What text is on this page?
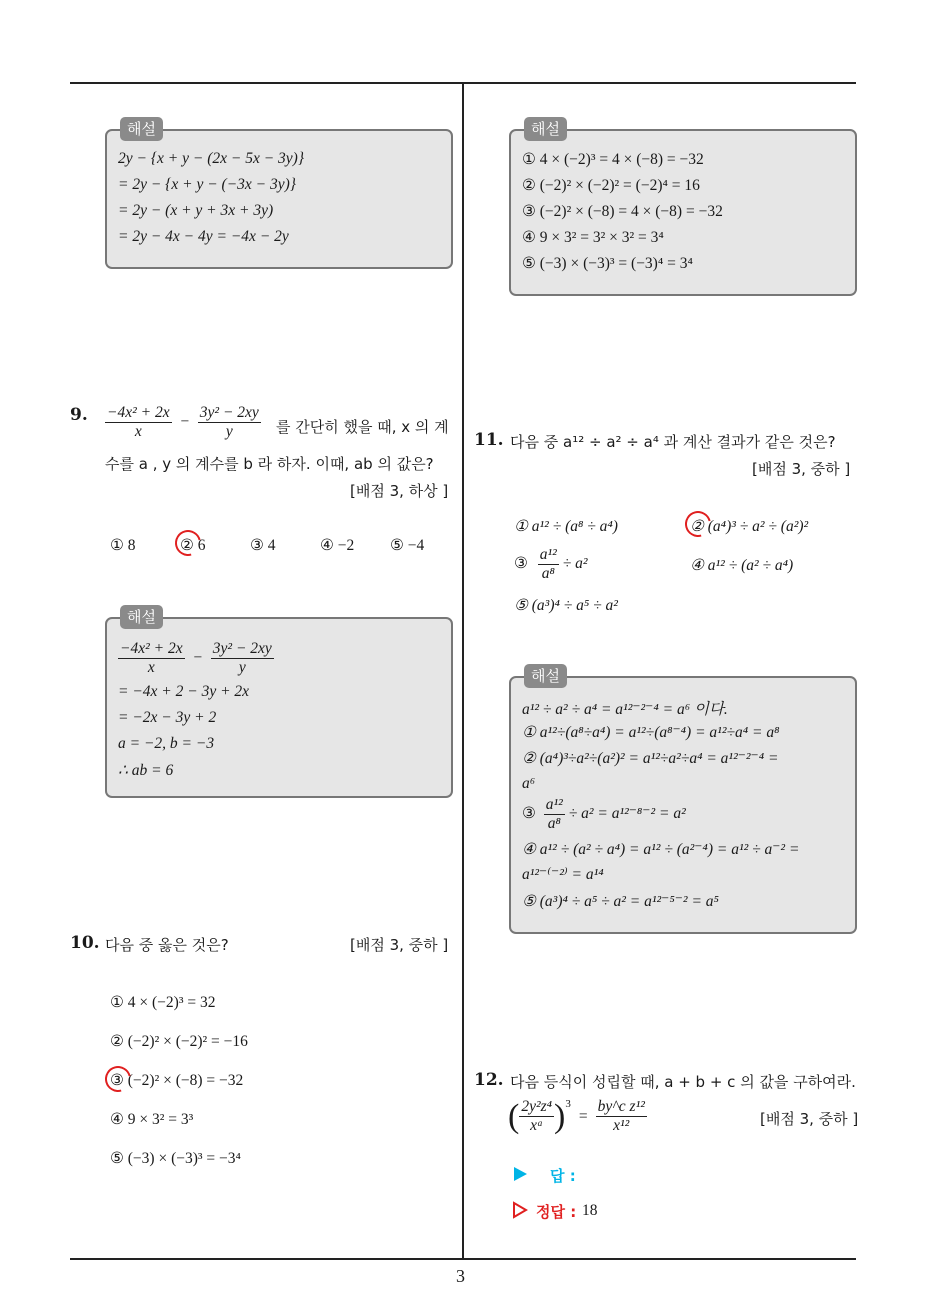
3
해설
2y − {x + y − (2x − 5x − 3y)}
= 2y − {x + y − (−3x − 3y)}
= 2y − (x + y + 3x + 3y)
= 2y − 4x − 4y = −4x − 2y
9. $\frac{\text{−4x² + 2x}}{x} - \frac{\text{3y² − 2xy}}{y}$ 를 간단히 했을 때, x 의 계
수를 a , y 의 계수를 b 라 하자. 이때, ab 의 값은?
[배점 3, 하상 ]
① 8	② 6	③ 4	④ −2 ⑤ −4
해설
$\frac{\text{−4x² + 2x}}{x} - \frac{\text{3y² − 2xy}}{y}$
= −4x + 2 − 3y + 2x
= −2x − 3y + 2
a = −2, b = −3
∴ ab = 6
10. 다음 중 옳은 것은?	[배점 3, 중하 ]
① 4 × (−2)³ = 32
② (−2)² × (−2)² = −16
③ (−2)² × (−8) = −32
④ 9 × 3² = 3³
⑤ (−3) × (−3)³ = −3⁴
해설
① 4 × (−2)³ = 4 × (−8) = −32
② (−2)² × (−2)² = (−2)⁴ = 16
③ (−2)² × (−8) = 4 × (−8) = −32
④ 9 × 3² = 3² × 3² = 3⁴
⑤ (−3) × (−3)³ = (−3)⁴ = 3⁴
11. 다음 중 a¹² ÷ a² ÷ a⁴ 과 계산 결과가 같은 것은?
[배점 3, 중하 ]
① a¹² ÷ (a⁸ ÷ a⁴)	② (a⁴)³ ÷ a² ÷ (a²)²
③ $\frac{\text{a¹²}}{\text{a⁸}} \div a^2$	④ a¹² ÷ (a² ÷ a⁴)
⑤ (a³)⁴ ÷ a⁵ ÷ a²
해설
a¹² ÷ a² ÷ a⁴ = a¹²⁻²⁻⁴ = a⁶ 이다.
① a¹²÷(a⁸÷a⁴) = a¹²÷(a⁸⁻⁴) = a¹²÷a⁴ = a⁸
② (a⁴)³÷a²÷(a²)² = a¹²÷a²÷a⁴ = a¹²⁻²⁻⁴ =
a⁶
③ $\frac{\text{a¹²}}{\text{a⁸}} \div a^2 = a^{12-8-2} = a^2$
④ a¹² ÷ (a² ÷ a⁴) = a¹² ÷ (a²⁻⁴) = a¹² ÷ a⁻² =
a¹²⁻⁽⁻²⁾ = a¹⁴
⑤ (a³)⁴ ÷ a⁵ ÷ a² = a¹²⁻⁵⁻² = a⁵
12. 다음 등식이 성립할 때, a + b + c 의 값을 구하여라.
( $\frac{\text{2y²z⁴}}{\text{xᵃ}}$ ) 3
= $\frac{\text{by\textasciicircum{}c z¹²}}{\text{x¹²}}$	[배점 3, 중하 ]
답 :
정답 : 18
